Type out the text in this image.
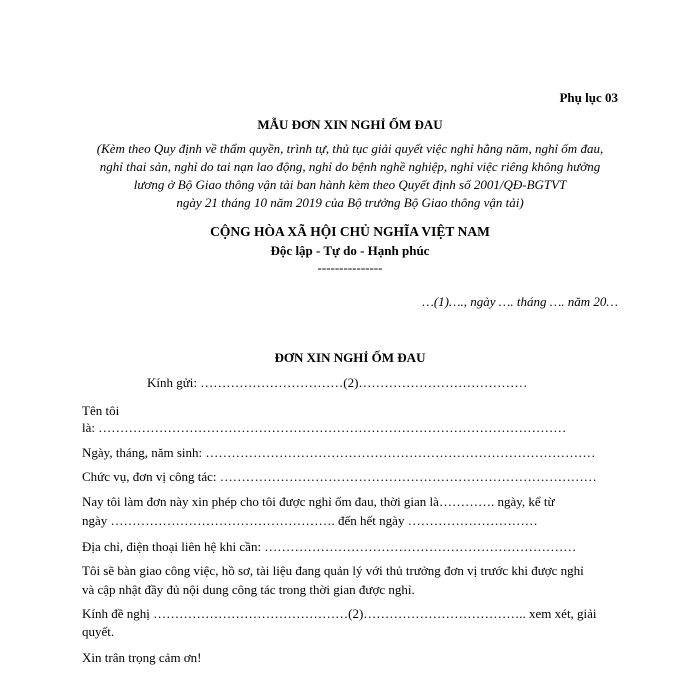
Phụ lục 03
MẪU ĐƠN XIN NGHỈ ỐM ĐAU
(Kèm theo Quy định về thẩm quyền, trình tự, thủ tục giải quyết việc nghỉ hằng năm, nghỉ ốm đau,
nghỉ thai sản, nghỉ do tai nạn lao động, nghỉ do bệnh nghề nghiệp, nghỉ việc riêng không hưởng
lương ở Bộ Giao thông vận tải ban hành kèm theo Quyết định số 2001/QĐ-BGTVT
ngày 21 tháng 10 năm 2019 của Bộ trưởng Bộ Giao thông vận tải)
CỘNG HÒA XÃ HỘI CHỦ NGHĨA VIỆT NAM
Độc lập - Tự do - Hạnh phúc
---------------
…(1)…., ngày …. tháng …. năm 20…
ĐƠN XIN NGHỈ ỐM ĐAU
Kính gửi: ……………………………(2)…………………………………
Tên tôi
là: ………………………………………………………………………………………………
Ngày, tháng, năm sinh: ………………………………………………………………………………
Chức vụ, đơn vị công tác: ……………………………………………………………………………
Nay tôi làm đơn này xin phép cho tôi được nghỉ ốm đau, thời gian là…………. ngày, kể từ
ngày ……………………………………………. đến hết ngày …………………………
Địa chỉ, điện thoại liên hệ khi cần: ………………………………………………………………
Tôi sẽ bàn giao công việc, hồ sơ, tài liệu đang quản lý với thủ trưởng đơn vị trước khi được nghỉ
và cập nhật đầy đủ nội dung công tác trong thời gian được nghỉ.
Kính đề nghị ………………………………………(2)……………………………….. xem xét, giải
quyết.
Xin trân trọng cảm ơn!
